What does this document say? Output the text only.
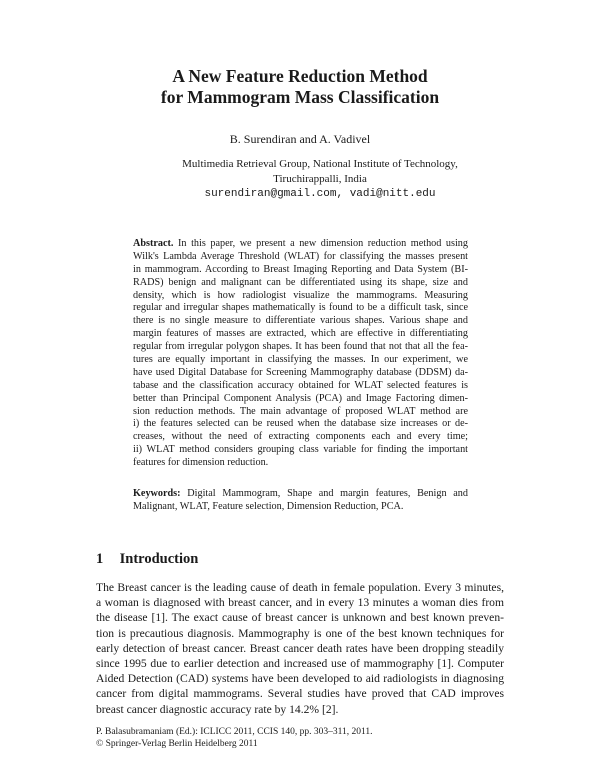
A New Feature Reduction Method
for Mammogram Mass Classification
B. Surendiran and A. Vadivel
Multimedia Retrieval Group, National Institute of Technology,
Tiruchirappalli, India
surendiran@gmail.com, vadi@nitt.edu
Abstract. In this paper, we present a new dimension reduction method using
Wilk's Lambda Average Threshold (WLAT) for classifying the masses present
in mammogram. According to Breast Imaging Reporting and Data System (BI-
RADS) benign and malignant can be differentiated using its shape, size and
density, which is how radiologist visualize the mammograms. Measuring
regular and irregular shapes mathematically is found to be a difficult task, since
there is no single measure to differentiate various shapes. Various shape and
margin features of masses are extracted, which are effective in differentiating
regular from irregular polygon shapes. It has been found that not that all the fea-
tures are equally important in classifying the masses. In our experiment, we
have used Digital Database for Screening Mammography database (DDSM) da-
tabase and the classification accuracy obtained for WLAT selected features is
better than Principal Component Analysis (PCA) and Image Factoring dimen-
sion reduction methods. The main advantage of proposed WLAT method are
i) the features selected can be reused when the database size increases or de-
creases, without the need of extracting components each and every time;
ii) WLAT method considers grouping class variable for finding the important
features for dimension reduction.
Keywords: Digital Mammogram, Shape and margin features, Benign and
Malignant, WLAT, Feature selection, Dimension Reduction, PCA.
1 Introduction
The Breast cancer is the leading cause of death in female population. Every 3 minutes,
a woman is diagnosed with breast cancer, and in every 13 minutes a woman dies from
the disease [1]. The exact cause of breast cancer is unknown and best known preven-
tion is precautious diagnosis. Mammography is one of the best known techniques for
early detection of breast cancer. Breast cancer death rates have been dropping steadily
since 1995 due to earlier detection and increased use of mammography [1]. Computer
Aided Detection (CAD) systems have been developed to aid radiologists in diagnosing
cancer from digital mammograms. Several studies have proved that CAD improves
breast cancer diagnostic accuracy rate by 14.2% [2].
P. Balasubramaniam (Ed.): ICLICC 2011, CCIS 140, pp. 303–311, 2011.
© Springer-Verlag Berlin Heidelberg 2011
